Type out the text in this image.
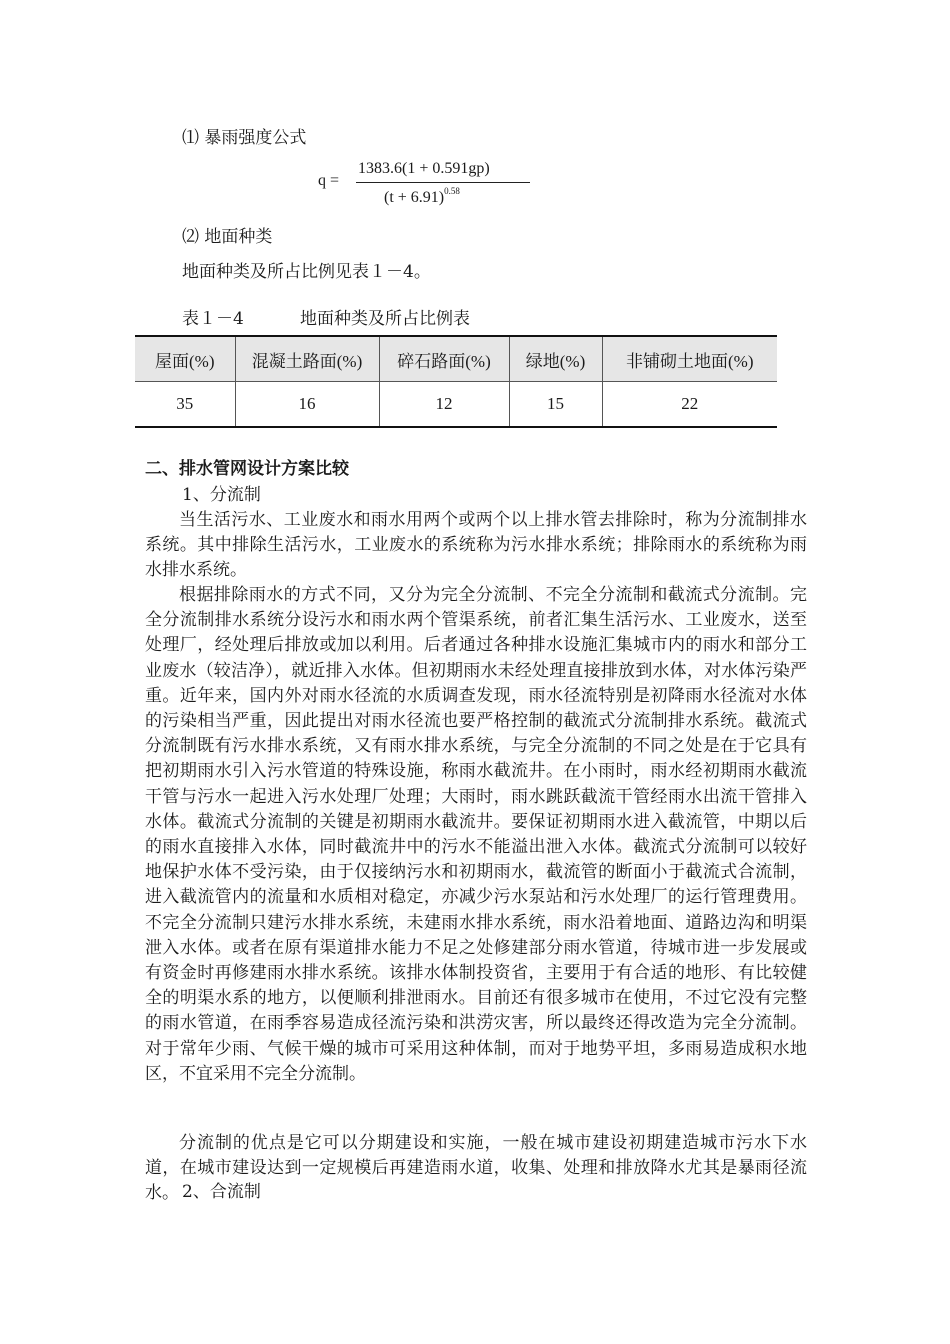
⑴ 暴雨强度公式
q =
1383.6(1 + 0.591gp)
$(t + 6.91)^{0.58}$
⑵ 地面种类
地面种类及所占比例见表１－4。
表１－4	地面种类及所占比例表
屋面(%)	混凝土路面(%)	碎石路面(%)	绿地(%)	非铺砌土地面(%)
35	16	12	15	22
二、排水管网设计方案比较
1、分流制
当生活污水、工业废水和雨水用两个或两个以上排水管去排除时，称为分流制排水系统。其中排除生活污水，工业废水的系统称为污水排水系统；排除雨水的系统称为雨水排水系统。
根据排除雨水的方式不同，又分为完全分流制、不完全分流制和截流式分流制。完全分流制排水系统分设污水和雨水两个管渠系统，前者汇集生活污水、工业废水，送至处理厂，经处理后排放或加以利用。后者通过各种排水设施汇集城市内的雨水和部分工业废水（较洁净），就近排入水体。但初期雨水未经处理直接排放到水体，对水体污染严重。近年来，国内外对雨水径流的水质调查发现，雨水径流特别是初降雨水径流对水体的污染相当严重，因此提出对雨水径流也要严格控制的截流式分流制排水系统。截流式分流制既有污水排水系统，又有雨水排水系统，与完全分流制的不同之处是在于它具有把初期雨水引入污水管道的特殊设施，称雨水截流井。在小雨时，雨水经初期雨水截流干管与污水一起进入污水处理厂处理；大雨时，雨水跳跃截流干管经雨水出流干管排入水体。截流式分流制的关键是初期雨水截流井。要保证初期雨水进入截流管，中期以后的雨水直接排入水体，同时截流井中的污水不能溢出泄入水体。截流式分流制可以较好地保护水体不受污染，由于仅接纳污水和初期雨水，截流管的断面小于截流式合流制，进入截流管内的流量和水质相对稳定，亦减少污水泵站和污水处理厂的运行管理费用。不完全分流制只建污水排水系统，未建雨水排水系统，雨水沿着地面、道路边沟和明渠泄入水体。或者在原有渠道排水能力不足之处修建部分雨水管道，待城市进一步发展或有资金时再修建雨水排水系统。该排水体制投资省，主要用于有合适的地形、有比较健全的明渠水系的地方，以便顺利排泄雨水。目前还有很多城市在使用，不过它没有完整的雨水管道，在雨季容易造成径流污染和洪涝灾害，所以最终还得改造为完全分流制。对于常年少雨、气候干燥的城市可采用这种体制，而对于地势平坦，多雨易造成积水地区，不宜采用不完全分流制。
分流制的优点是它可以分期建设和实施，一般在城市建设初期建造城市污水下水道，在城市建设达到一定规模后再建造雨水道，收集、处理和排放降水尤其是暴雨径流水。 2、合流制
